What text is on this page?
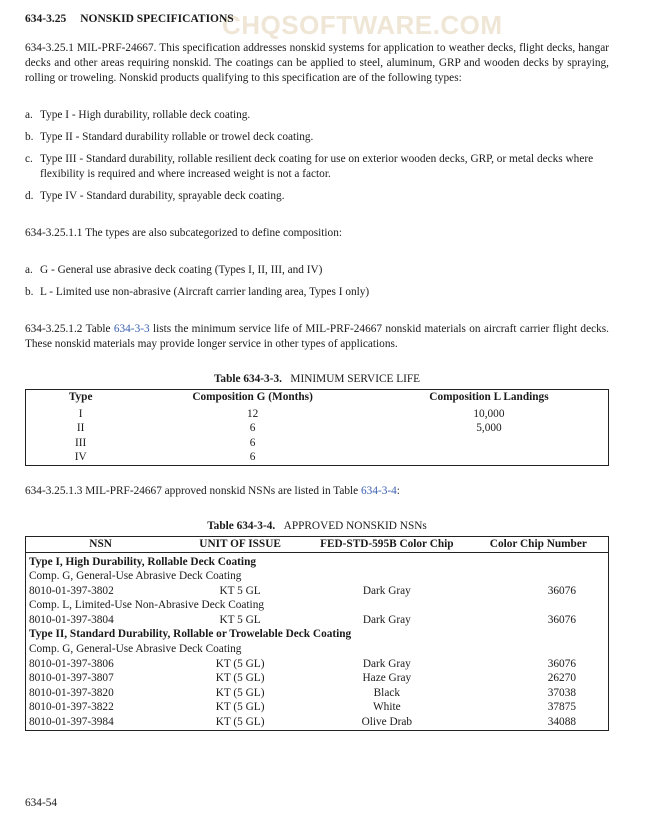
CHQSOFTWARE.COM
634-3.25 NONSKID SPECIFICATIONS

634-3.25.1 MIL-PRF-24667. This specification addresses nonskid systems for application to weather decks, flight decks, hangar decks and other areas requiring nonskid. The coatings can be applied to steel, aluminum, GRP and wooden decks by spraying, rolling or troweling. Nonskid products qualifying to this specification are of the following types:

a. Type I - High durability, rollable deck coating.
b. Type II - Standard durability rollable or trowel deck coating.
c. Type III - Standard durability, rollable resilient deck coating for use on exterior wooden decks, GRP, or metal decks where flexibility is required and where increased weight is not a factor.
d. Type IV - Standard durability, sprayable deck coating.

634-3.25.1.1 The types are also subcategorized to define composition:

a. G - General use abrasive deck coating (Types I, II, III, and IV)
b. L - Limited use non-abrasive (Aircraft carrier landing area, Types I only)

634-3.25.1.2 Table 634-3-3 lists the minimum service life of MIL-PRF-24667 nonskid materials on aircraft carrier flight decks. These nonskid materials may provide longer service in other types of applications.

Table 634-3-3. MINIMUM SERVICE LIFE
Type	Composition G (Months)	Composition L Landings
I	12	10,000
II	6	5,000
III	6	
IV	6	

634-3.25.1.3 MIL-PRF-24667 approved nonskid NSNs are listed in Table 634-3-4:

Table 634-3-4. APPROVED NONSKID NSNs
NSN	UNIT OF ISSUE	FED-STD-595B Color Chip	Color Chip Number
Type I, High Durability, Rollable Deck Coating			
Comp. G, General-Use Abrasive Deck Coating			
8010-01-397-3802	KT 5 GL	Dark Gray	36076
Comp. L, Limited-Use Non-Abrasive Deck Coating			
8010-01-397-3804	KT 5 GL	Dark Gray	36076
Type II, Standard Durability, Rollable or Trowelable Deck Coating			
Comp. G, General-Use Abrasive Deck Coating			
8010-01-397-3806	KT (5 GL)	Dark Gray	36076
8010-01-397-3807	KT (5 GL)	Haze Gray	26270
8010-01-397-3820	KT (5 GL)	Black	37038
8010-01-397-3822	KT (5 GL)	White	37875
8010-01-397-3984	KT (5 GL)	Olive Drab	34088
634-54
